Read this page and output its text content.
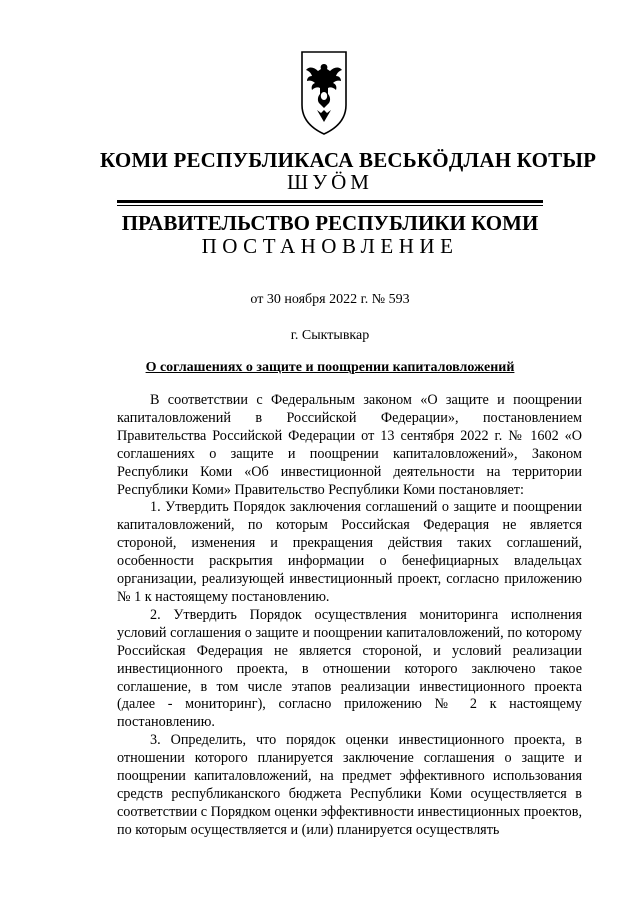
КОМИ РЕСПУБЛИКАСА ВЕСЬКÖДЛАН КОТЫР
ШУÖМ
ПРАВИТЕЛЬСТВО РЕСПУБЛИКИ КОМИ
ПОСТАНОВЛЕНИЕ
от 30 ноября 2022 г. № 593
г. Сыктывкар
О соглашениях о защите и поощрении капиталовложений

В соответствии с Федеральным законом «О защите и поощрении капиталовложений в Российской Федерации», постановлением Правительства Российской Федерации от 13 сентября 2022 г. № 1602 «О соглашениях о защите и поощрении капиталовложений», Законом Республики Коми «Об инвестиционной деятельности на территории Республики Коми» Правительство Республики Коми постановляет:

1. Утвердить Порядок заключения соглашений о защите и поощрении капиталовложений, по которым Российская Федерация не является стороной, изменения и прекращения действия таких соглашений, особенности раскрытия информации о бенефициарных владельцах организации, реализующей инвестиционный проект, согласно приложению № 1 к настоящему постановлению.

2. Утвердить Порядок осуществления мониторинга исполнения условий соглашения о защите и поощрении капиталовложений, по которому Российская Федерация не является стороной, и условий реализации инвестиционного проекта, в отношении которого заключено такое соглашение, в том числе этапов реализации инвестиционного проекта (далее - мониторинг), согласно приложению № 2 к настоящему постановлению.

3. Определить, что порядок оценки инвестиционного проекта, в отношении которого планируется заключение соглашения о защите и поощрении капиталовложений, на предмет эффективного использования средств республиканского бюджета Республики Коми осуществляется в соответствии с Порядком оценки эффективности инвестиционных проектов, по которым осуществляется и (или) планируется осуществлять
